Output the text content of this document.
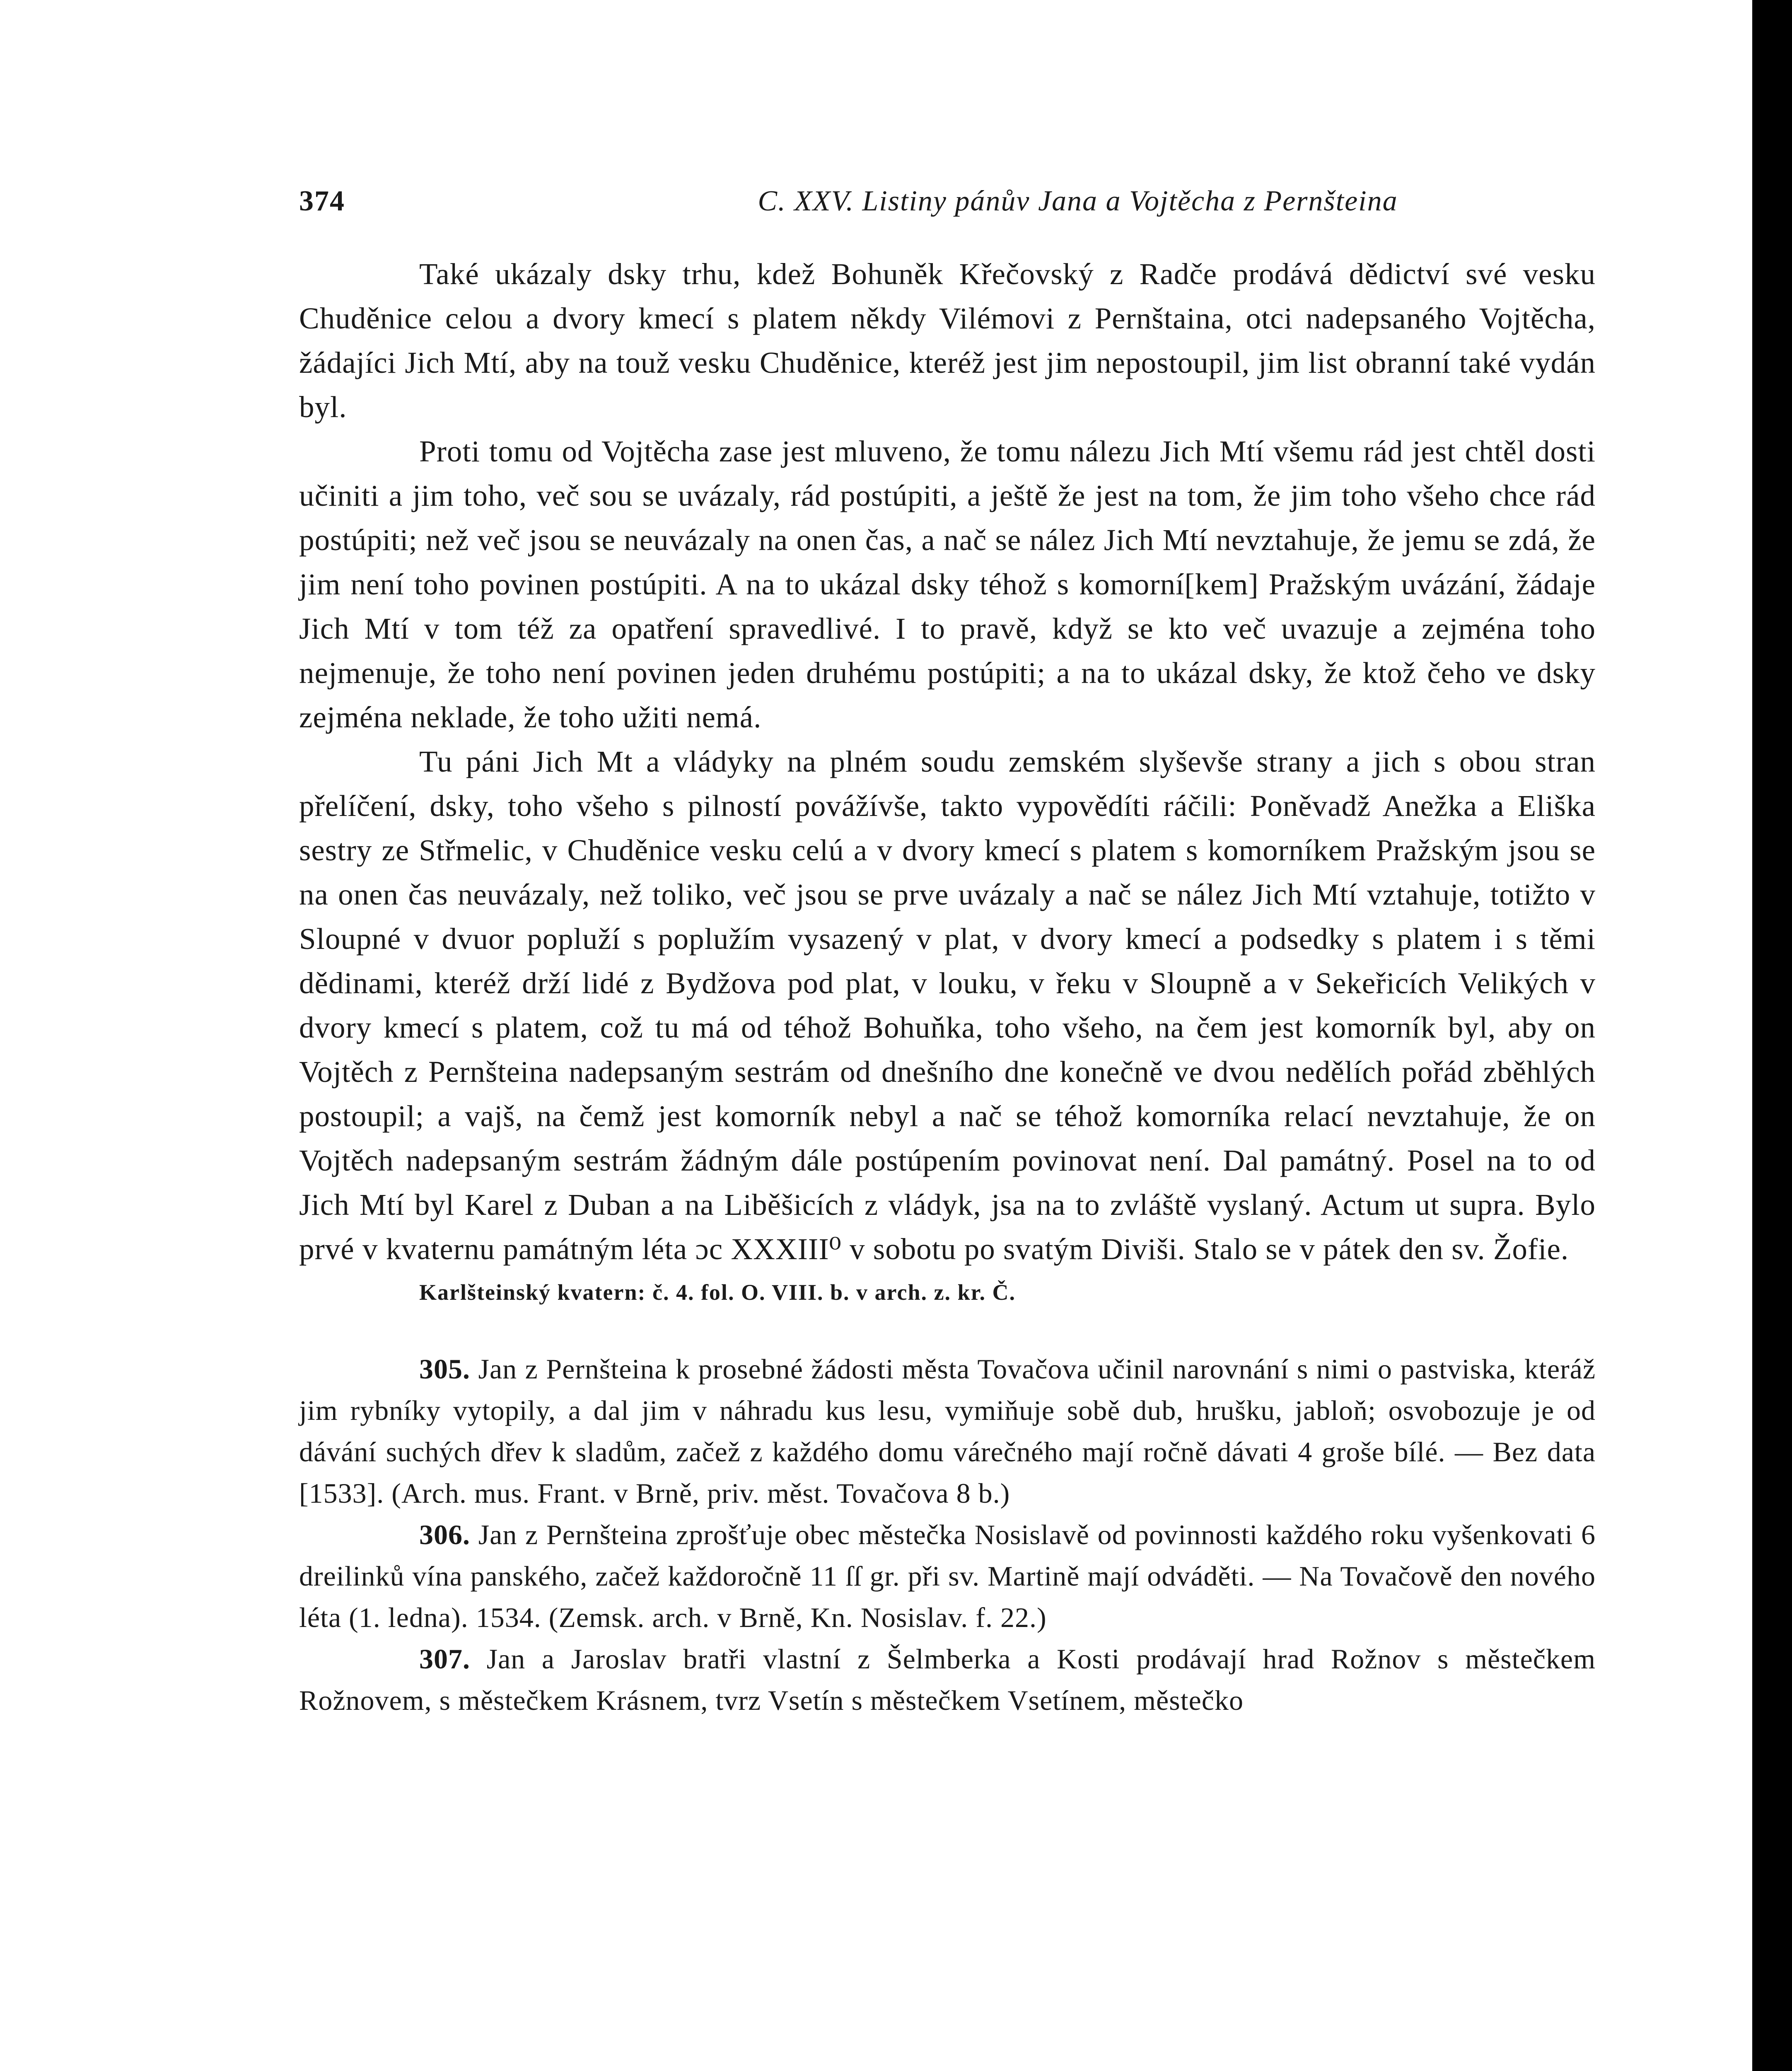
374	C. XXV. Listiny pánův Jana a Vojtěcha z Pernšteina

Také ukázaly dsky trhu, kdež Bohuněk Křečovský z Radče prodává dědictví své vesku Chuděnice celou a dvory kmecí s platem někdy Vilémovi z Pernštaina, otci nadepsaného Vojtěcha, žádajíci Jich Mtí, aby na touž vesku Chuděnice, kteréž jest jim nepostoupil, jim list obranní také vydán byl.

Proti tomu od Vojtěcha zase jest mluveno, že tomu nálezu Jich Mtí všemu rád jest chtěl dosti učiniti a jim toho, več sou se uvázaly, rád postúpiti, a ještě že jest na tom, že jim toho všeho chce rád postúpiti; než več jsou se neuvázaly na onen čas, a nač se nález Jich Mtí nevztahuje, že jemu se zdá, že jim není toho povinen postúpiti. A na to ukázal dsky téhož s komorní[kem] Pražským uvázání, žádaje Jich Mtí v tom též za opatření spravedlivé. I to pravě, když se kto več uvazuje a zejména toho nejmenuje, že toho není povinen jeden druhému postúpiti; a na to ukázal dsky, že ktož čeho ve dsky zejména neklade, že toho užiti nemá.

Tu páni Jich Mt a vládyky na plném soudu zemském slyševše strany a jich s obou stran přelíčení, dsky, toho všeho s pilností povážívše, takto vypovědíti ráčili: Poněvadž Anežka a Eliška sestry ze Střmelic, v Chuděnice vesku celú a v dvory kmecí s platem s komorníkem Pražským jsou se na onen čas neuvázaly, než toliko, več jsou se prve uvázaly a nač se nález Jich Mtí vztahuje, totižto v Sloupné v dvuor popluží s poplužím vysazený v plat, v dvory kmecí a podsedky s platem i s těmi dědinami, kteréž drží lidé z Bydžova pod plat, v louku, v řeku v Sloupně a v Sekeřicích Velikých v dvory kmecí s platem, což tu má od téhož Bohuňka, toho všeho, na čem jest komorník byl, aby on Vojtěch z Pernšteina nadepsaným sestrám od dnešního dne konečně ve dvou nedělích pořád zběhlých postoupil; a vajš, na čemž jest komorník nebyl a nač se téhož komorníka relací nevztahuje, že on Vojtěch nadepsaným sestrám žádným dále postúpením povinovat není. Dal památný. Posel na to od Jich Mtí byl Karel z Duban a na Liběšicích z vládyk, jsa na to zvláště vyslaný. Actum ut supra. Bylo prvé v kvaternu památným léta ɔc XXXIII⁰ v sobotu po svatým Diviši. Stalo se v pátek den sv. Žofie.

Karlšteinský kvatern: č. 4. fol. O. VIII. b. v arch. z. kr. Č.

305. Jan z Pernšteina k prosebné žádosti města Tovačova učinil narovnání s nimi o pastviska, kteráž jim rybníky vytopily, a dal jim v náhradu kus lesu, vymiňuje sobě dub, hrušku, jabloň; osvobozuje je od dávání suchých dřev k sladům, začež z každého domu várečného mají ročně dávati 4 groše bílé. — Bez data [1533]. (Arch. mus. Frant. v Brně, priv. měst. Tovačova 8 b.)

306. Jan z Pernšteina zprošťuje obec městečka Nosislavě od povinnosti každého roku vyšenkovati 6 dreilinků vína panského, začež každoročně 11 ſſ gr. při sv. Martině mají odváděti. — Na Tovačově den nového léta (1. ledna). 1534. (Zemsk. arch. v Brně, Kn. Nosislav. f. 22.)

307. Jan a Jaroslav bratři vlastní z Šelmberka a Kosti prodávají hrad Rožnov s městečkem Rožnovem, s městečkem Krásnem, tvrz Vsetín s městečkem Vsetínem, městečko
